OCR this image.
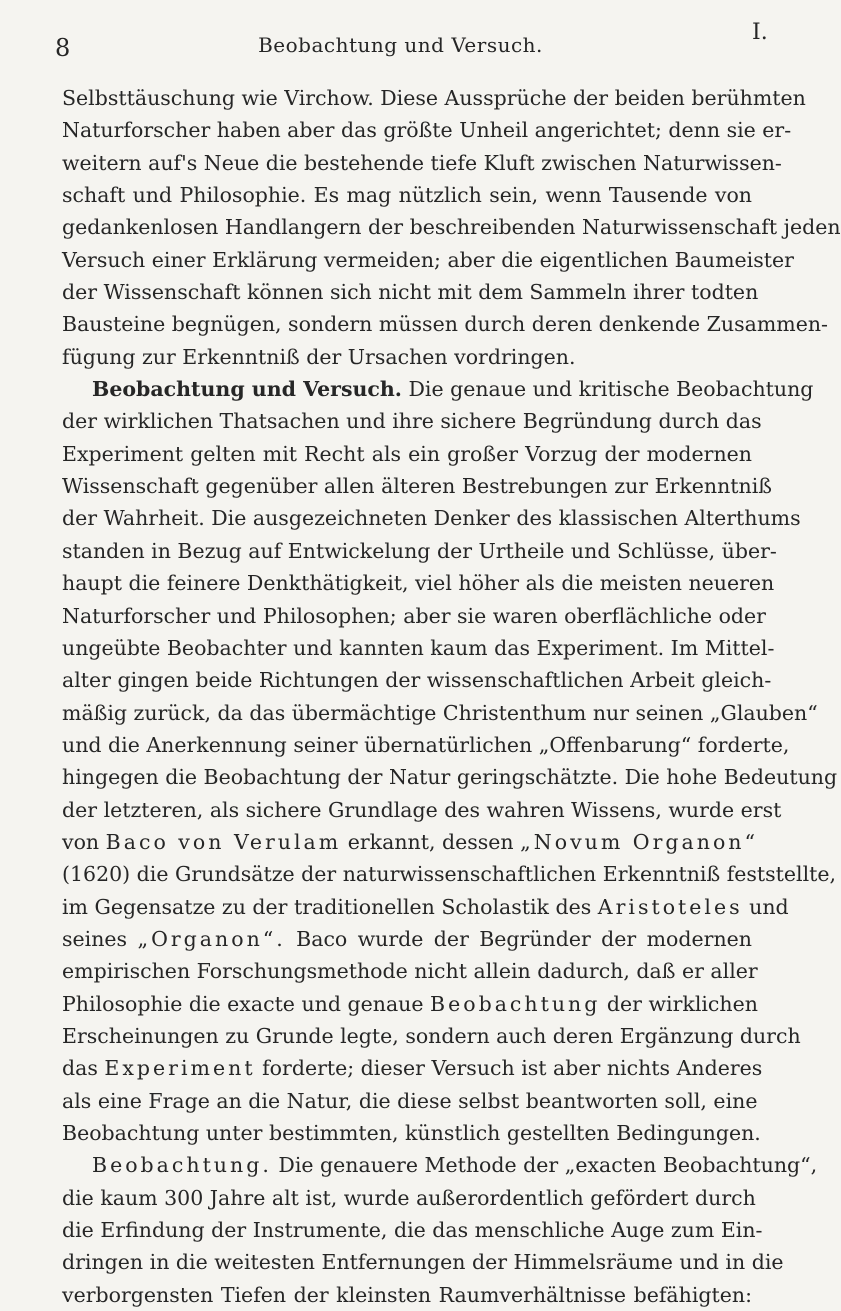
8	Beobachtung und Versuch.	I.
Selbsttäuschung wie Virchow. Diese Aussprüche der beiden berühmten
Naturforscher haben aber das größte Unheil angerichtet; denn sie er-
weitern auf's Neue die bestehende tiefe Kluft zwischen Naturwissen-
schaft und Philosophie. Es mag nützlich sein, wenn Tausende von
gedankenlosen Handlangern der beschreibenden Naturwissenschaft jeden
Versuch einer Erklärung vermeiden; aber die eigentlichen Baumeister
der Wissenschaft können sich nicht mit dem Sammeln ihrer todten
Bausteine begnügen, sondern müssen durch deren denkende Zusammen-
fügung zur Erkenntniß der Ursachen vordringen.
Beobachtung und Versuch. Die genaue und kritische Beobachtung
der wirklichen Thatsachen und ihre sichere Begründung durch das
Experiment gelten mit Recht als ein großer Vorzug der modernen
Wissenschaft gegenüber allen älteren Bestrebungen zur Erkenntniß
der Wahrheit. Die ausgezeichneten Denker des klassischen Alterthums
standen in Bezug auf Entwickelung der Urtheile und Schlüsse, über-
haupt die feinere Denkthätigkeit, viel höher als die meisten neueren
Naturforscher und Philosophen; aber sie waren oberflächliche oder
ungeübte Beobachter und kannten kaum das Experiment. Im Mittel-
alter gingen beide Richtungen der wissenschaftlichen Arbeit gleich-
mäßig zurück, da das übermächtige Christenthum nur seinen „Glauben“
und die Anerkennung seiner übernatürlichen „Offenbarung“ forderte,
hingegen die Beobachtung der Natur geringschätzte. Die hohe Bedeutung
der letzteren, als sichere Grundlage des wahren Wissens, wurde erst
von Baco von Verulam erkannt, dessen „Novum Organon“
(1620) die Grundsätze der naturwissenschaftlichen Erkenntniß feststellte,
im Gegensatze zu der traditionellen Scholastik des Aristoteles und
seines „Organon“. Baco wurde der Begründer der modernen
empirischen Forschungsmethode nicht allein dadurch, daß er aller
Philosophie die exacte und genaue Beobachtung der wirklichen
Erscheinungen zu Grunde legte, sondern auch deren Ergänzung durch
das Experiment forderte; dieser Versuch ist aber nichts Anderes
als eine Frage an die Natur, die diese selbst beantworten soll, eine
Beobachtung unter bestimmten, künstlich gestellten Bedingungen.
Beobachtung. Die genauere Methode der „exacten Beobachtung“,
die kaum 300 Jahre alt ist, wurde außerordentlich gefördert durch
die Erfindung der Instrumente, die das menschliche Auge zum Ein-
dringen in die weitesten Entfernungen der Himmelsräume und in die
verborgensten Tiefen der kleinsten Raumverhältnisse befähigten:
